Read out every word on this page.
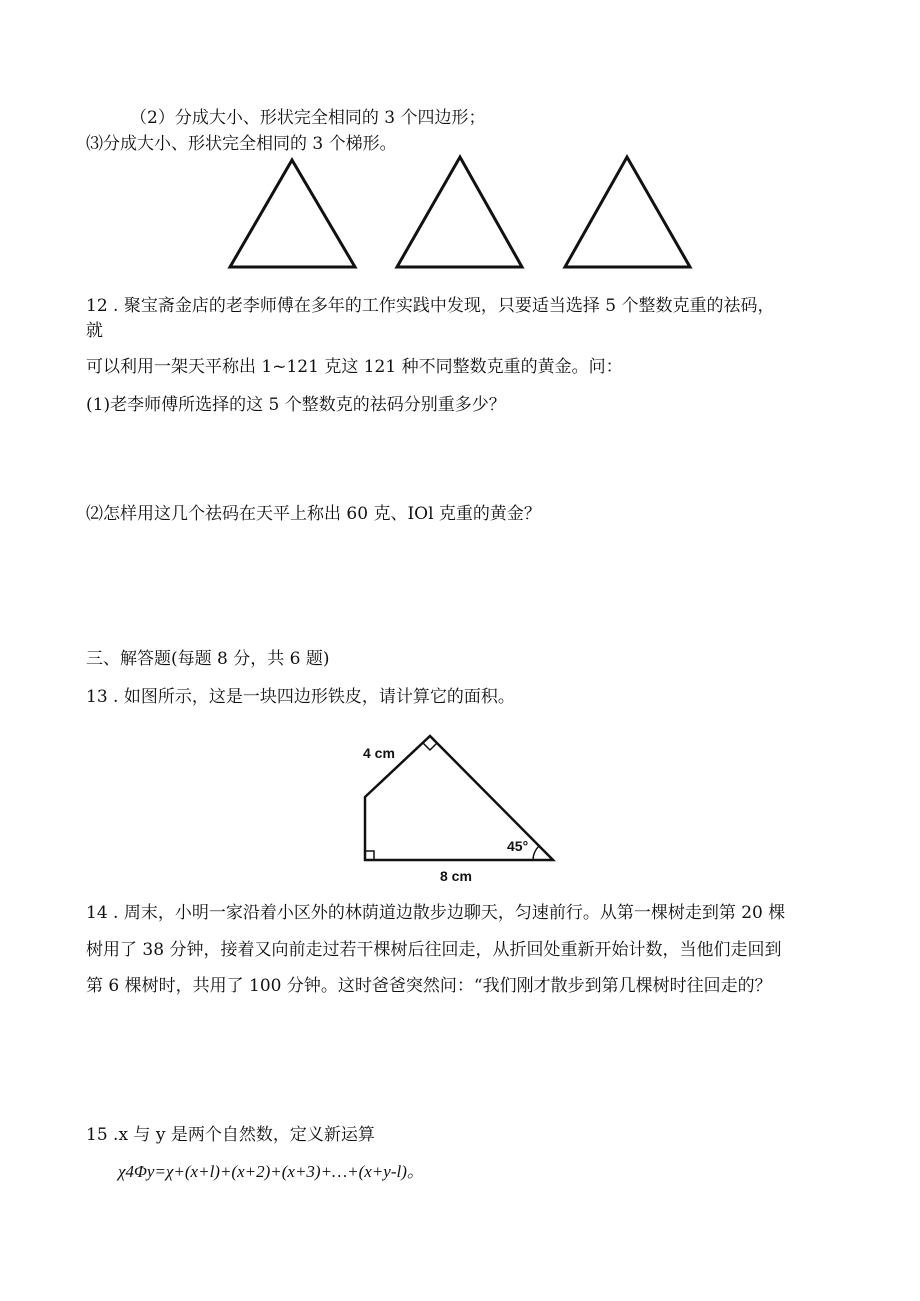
（2）分成大小、形状完全相同的 3 个四边形；
⑶分成大小、形状完全相同的 3 个梯形。
12 . 聚宝斋金店的老李师傅在多年的工作实践中发现，只要适当选择 5 个整数克重的祛码，
就
可以利用一架天平称出 1~121 克这 121 种不同整数克重的黄金。问：
(1)老李师傅所选择的这 5 个整数克的祛码分别重多少？
⑵怎样用这几个祛码在天平上称出 60 克、IOl 克重的黄金？
三、解答题(每题 8 分，共 6 题)
13 . 如图所示，这是一块四边形铁皮，请计算它的面积。
4 cm
8 cm
45°
14 . 周末，小明一家沿着小区外的林荫道边散步边聊天，匀速前行。从第一棵树走到第 20 棵
树用了 38 分钟，接着又向前走过若干棵树后往回走，从折回处重新开始计数，当他们走回到
第 6 棵树时，共用了 100 分钟。这时爸爸突然问：“我们刚才散步到第几棵树时往回走的？
15 .x 与 y 是两个自然数，定义新运算
χ4Φy=χ+(x+l)+(x+2)+(x+3)+…+(x+y-l)。
